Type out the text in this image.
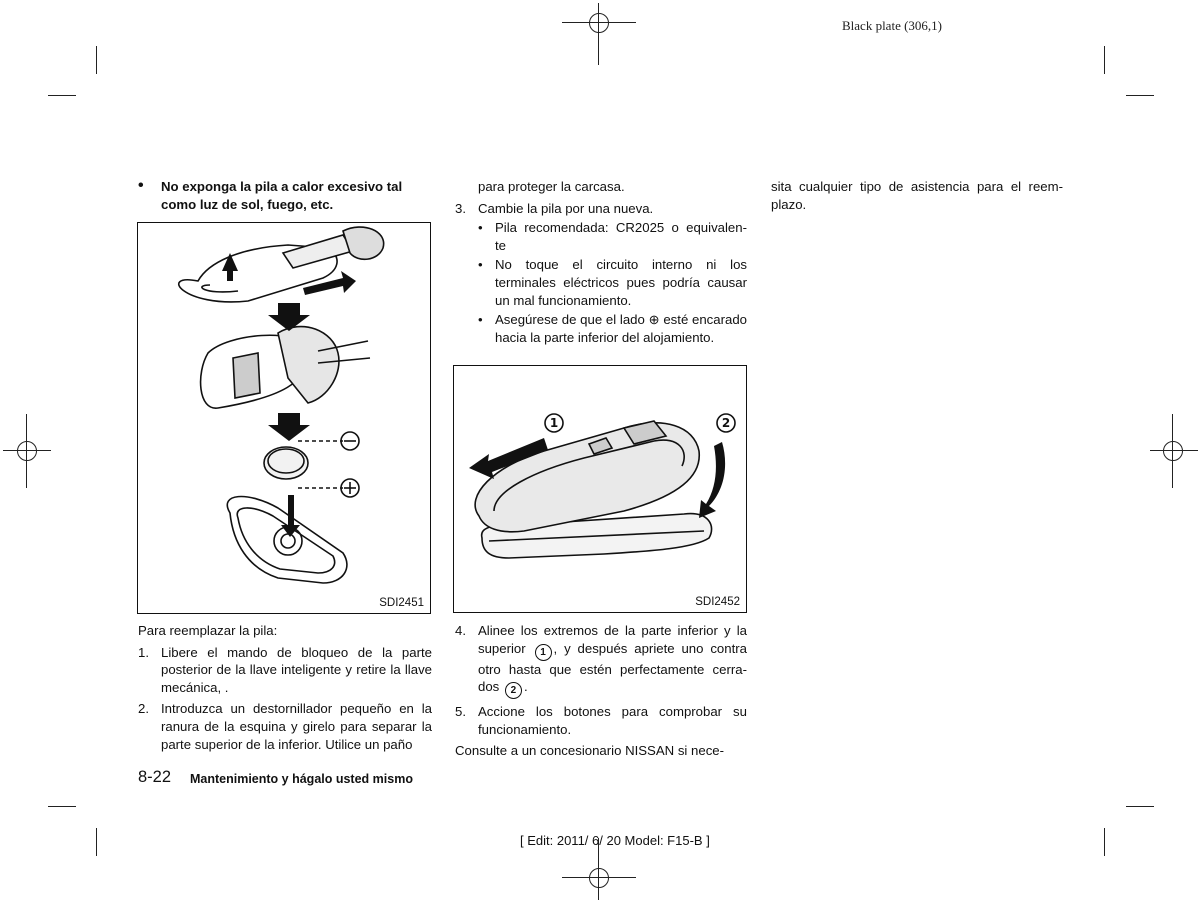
Black plate (306,1)
• No exponga la pila a calor excesivo tal como luz de sol, fuego, etc.
SDI2451
Para reemplazar la pila:
1. Libere el mando de bloqueo de la parte posterior de la llave inteligente y retire la llave mecánica, .
2. Introduzca un destornillador pequeño en la ranura de la esquina y girelo para separar la parte superior de la inferior. Utilice un paño
para proteger la carcasa.
3. Cambie la pila por una nueva.
• Pila recomendada: CR2025 o equivalen- te
• No toque el circuito interno ni los terminales eléctricos pues podría causar un mal funcionamiento.
• Asegúrese de que el lado ⊕ esté encarado hacia la parte inferior del alojamiento.
1	2
SDI2452
4. Alinee los extremos de la parte inferior y la superior 1 , y después apriete uno contra otro hasta que estén perfectamente cerra- dos 2 .
5. Accione los botones para comprobar su funcionamiento.
Consulte a un concesionario NISSAN si nece-
sita cualquier tipo de asistencia para el reem- plazo.
8-22 Mantenimiento y hágalo usted mismo
[ Edit: 2011/ 6/ 20 Model: F15-B ]
